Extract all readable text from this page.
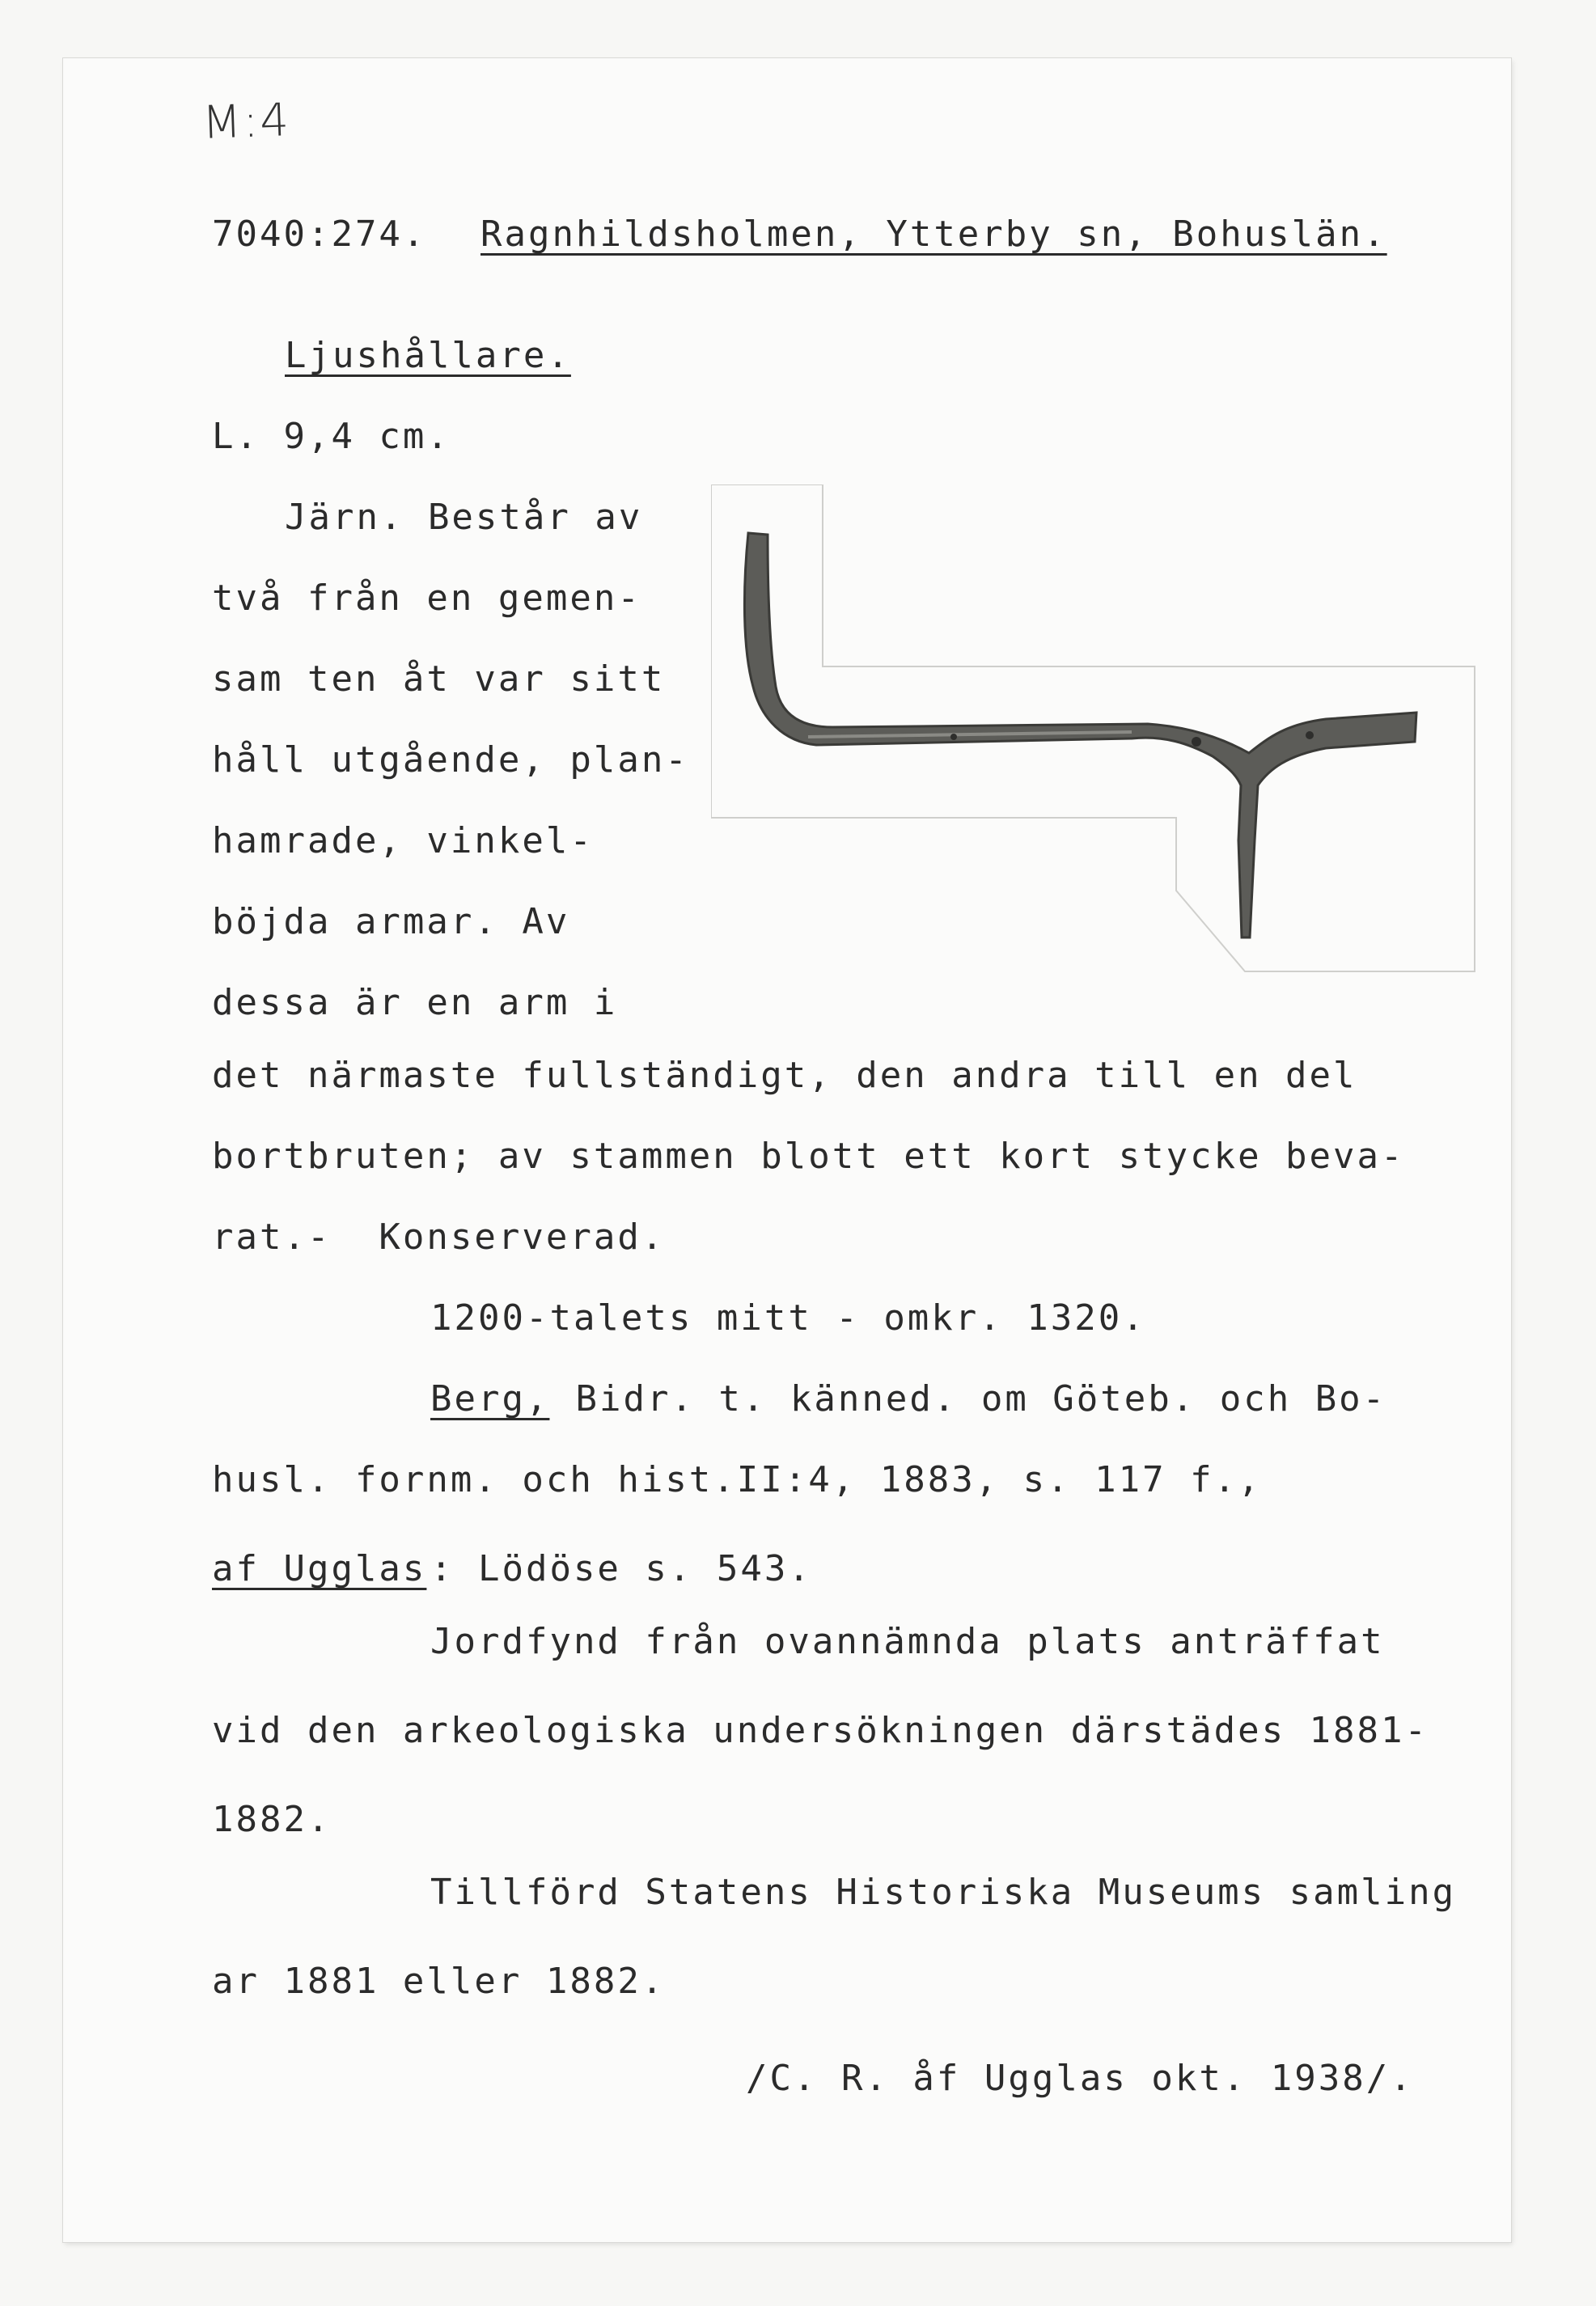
M:4
7040:274. Ragnhildsholmen, Ytterby sn, Bohuslän.
Ljushållare.
L. 9,4 cm.
Järn. Består av
två från en gemen-
sam ten åt var sitt
håll utgående, plan-
hamrade, vinkel-
böjda armar. Av
dessa är en arm i
det närmaste fullständigt, den andra till en del
bortbruten; av stammen blott ett kort stycke beva-
rat.-  Konserverad.
1200-talets mitt - omkr. 1320.
Berg, Bidr. t. känned. om Göteb. och Bo-
husl. fornm. och hist.II:4, 1883, s. 117 f.,
af Ugglas : Lödöse s. 543.
Jordfynd från ovannämnda plats anträffat
vid den arkeologiska undersökningen därstädes 1881-
1882.
Tillförd Statens Historiska Museums samling
ar 1881 eller 1882.
/C. R. åf Ugglas okt. 1938/.
